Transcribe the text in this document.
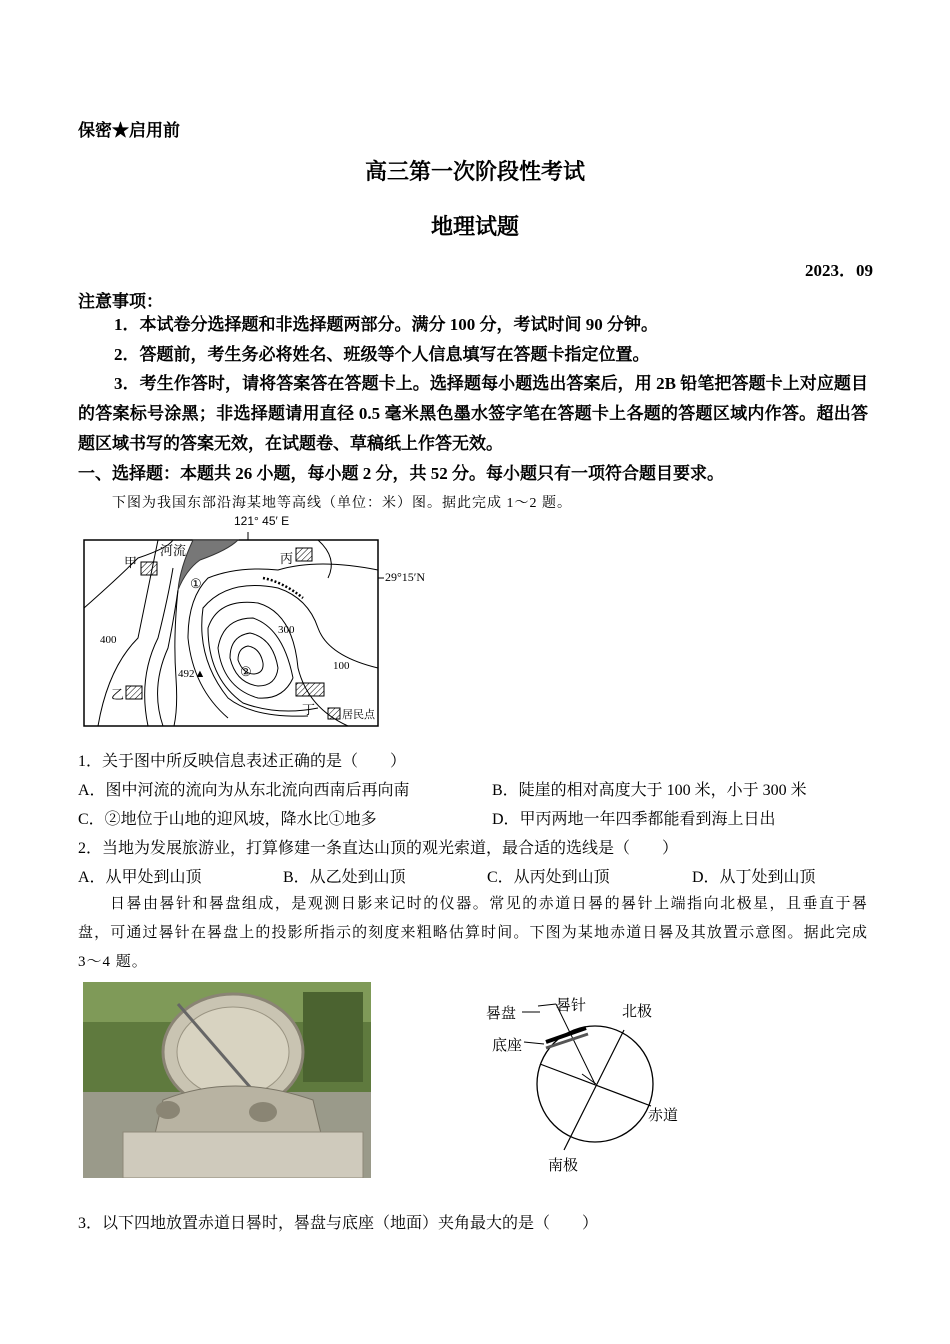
保密★启用前
高三第一次阶段性考试
地理试题
2023．09
注意事项：
1．本试卷分选择题和非选择题两部分。满分 100 分，考试时间 90 分钟。
2．答题前，考生务必将姓名、班级等个人信息填写在答题卡指定位置。
3．考生作答时，请将答案答在答题卡上。选择题每小题选出答案后，用 2B 铅笔把答题卡上对应题目的答案标号涂黑；非选择题请用直径 0.5 毫米黑色墨水签字笔在答题卡上各题的答题区域内作答。超出答题区域书写的答案无效，在试题卷、草稿纸上作答无效。
一、选择题：本题共 26 小题，每小题 2 分，共 52 分。每小题只有一项符合题目要求。
下图为我国东部沿海某地等高线（单位：米）图。据此完成 1～2 题。
121° 45′ E
29°15′N
河流
甲
乙
丙
丁
400
300
100
492▲
①
②
居民点
1．关于图中所反映信息表述正确的是（　　）
A．图中河流的流向为从东北流向西南后再向南	B．陡崖的相对高度大于 100 米，小于 300 米
C．②地位于山地的迎风坡，降水比①地多	D．甲丙两地一年四季都能看到海上日出
2．当地为发展旅游业，打算修建一条直达山顶的观光索道，最合适的选线是（　　）
A．从甲处到山顶	B．从乙处到山顶	C．从丙处到山顶	D．从丁处到山顶
日晷由晷针和晷盘组成，是观测日影来记时的仪器。常见的赤道日晷的晷针上端指向北极星，且垂直于晷盘，可通过晷针在晷盘上的投影所指示的刻度来粗略估算时间。下图为某地赤道日晷及其放置示意图。据此完成 3～4 题。
晷盘	晷针
底座
北极
赤道
南极
3．以下四地放置赤道日晷时，晷盘与底座（地面）夹角最大的是（　　）
